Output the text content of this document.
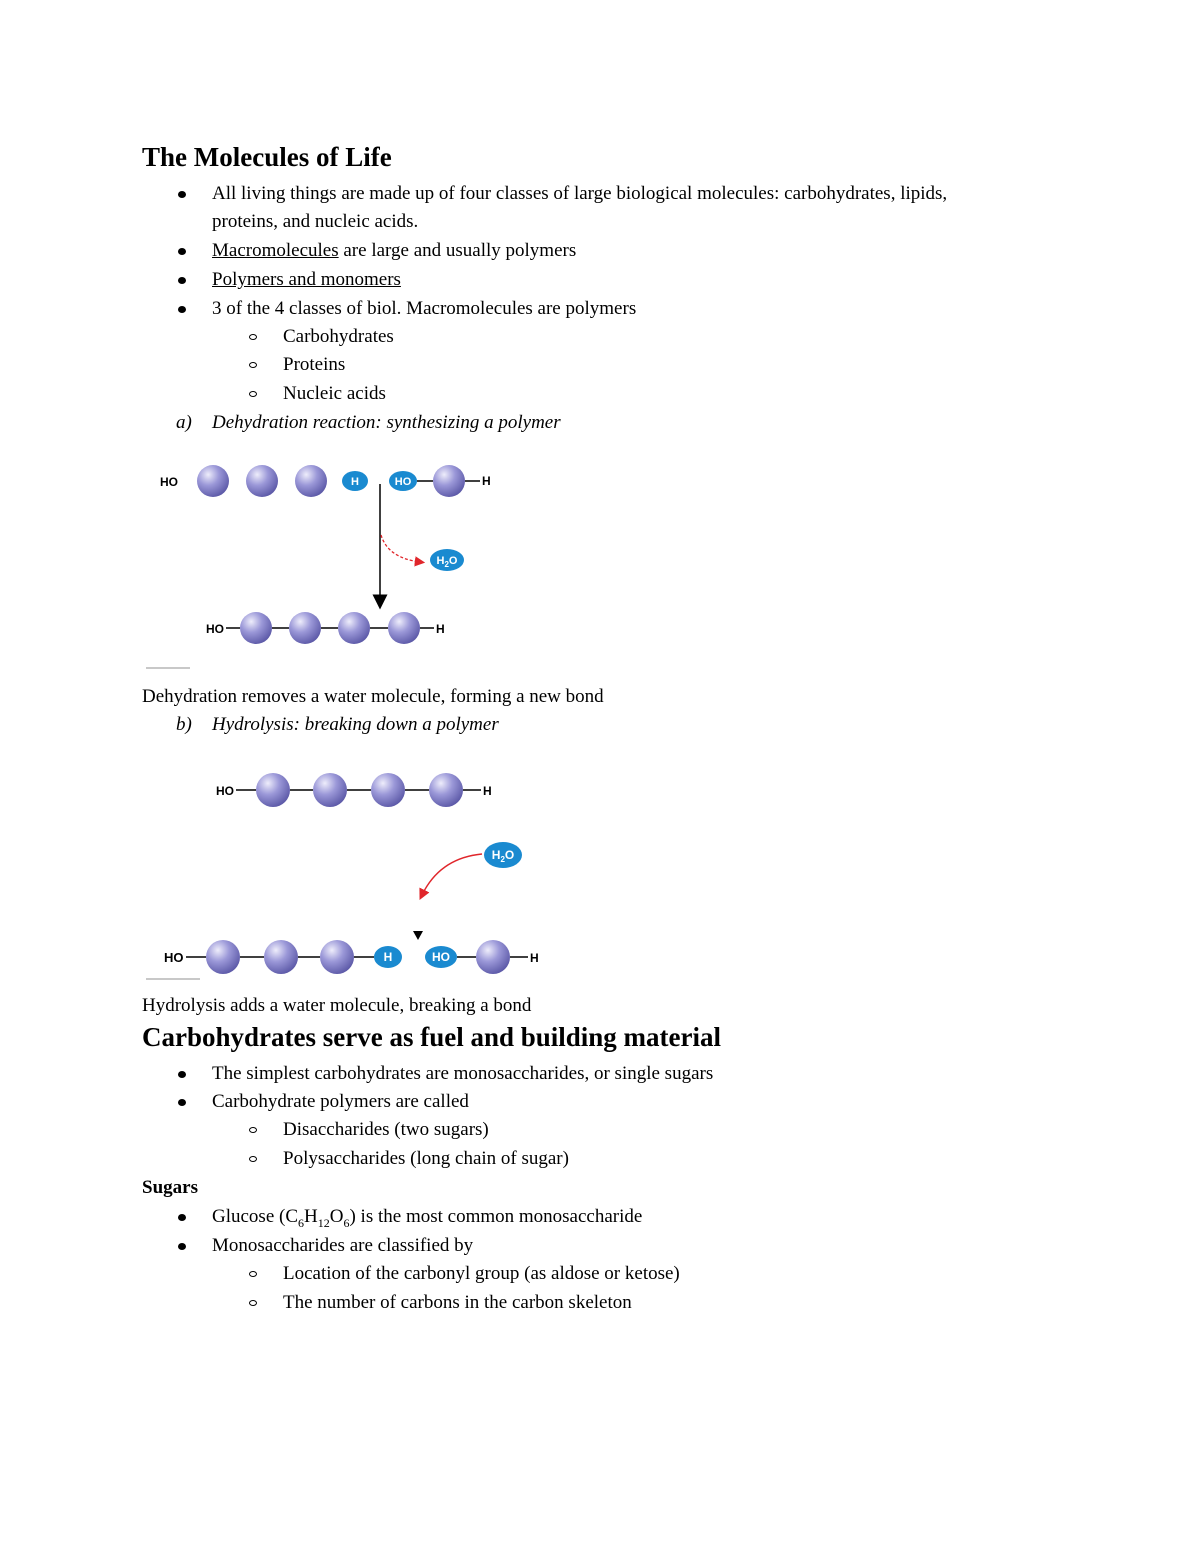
The Molecules of Life
All living things are made up of four classes of large biological molecules: carbohydrates, lipids,
proteins, and nucleic acids.
Macromolecules are large and usually polymers
Polymers and monomers
3 of the 4 classes of biol. Macromolecules are polymers
Carbohydrates
Proteins
Nucleic acids
a) Dehydration reaction: synthesizing a polymer
HO	H	HO	H
$H_2O$
HO	H
Dehydration removes a water molecule, forming a new bond
b) Hydrolysis: breaking down a polymer
HO	H
$H_2O$
HO	H	HO	H
Hydrolysis adds a water molecule, breaking a bond
Carbohydrates serve as fuel and building material
The simplest carbohydrates are monosaccharides, or single sugars
Carbohydrate polymers are called
Disaccharides (two sugars)
Polysaccharides (long chain of sugar)
Sugars
Glucose $(C_6H_{12}O_6)$ is the most common monosaccharide
Monosaccharides are classified by
Location of the carbonyl group (as aldose or ketose)
The number of carbons in the carbon skeleton
